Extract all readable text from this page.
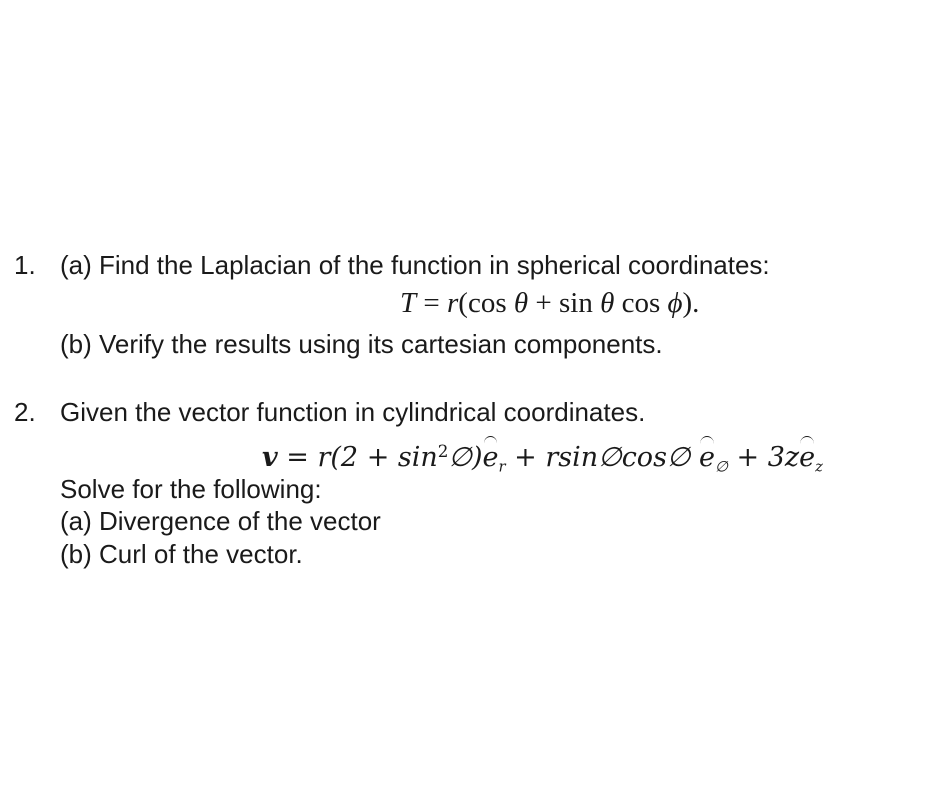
1. (a) Find the Laplacian of the function in spherical coordinates:
T = r(cos θ + sin θ cos ϕ).
(b) Verify the results using its cartesian components.
2. Given the vector function in cylindrical coordinates.
$v = r(2 + \sin^2\emptyset)e_r$ + rsin∅cos∅ $e_\emptyset + 3ze_z$
Solve for the following:
(a) Divergence of the vector
(b) Curl of the vector.
